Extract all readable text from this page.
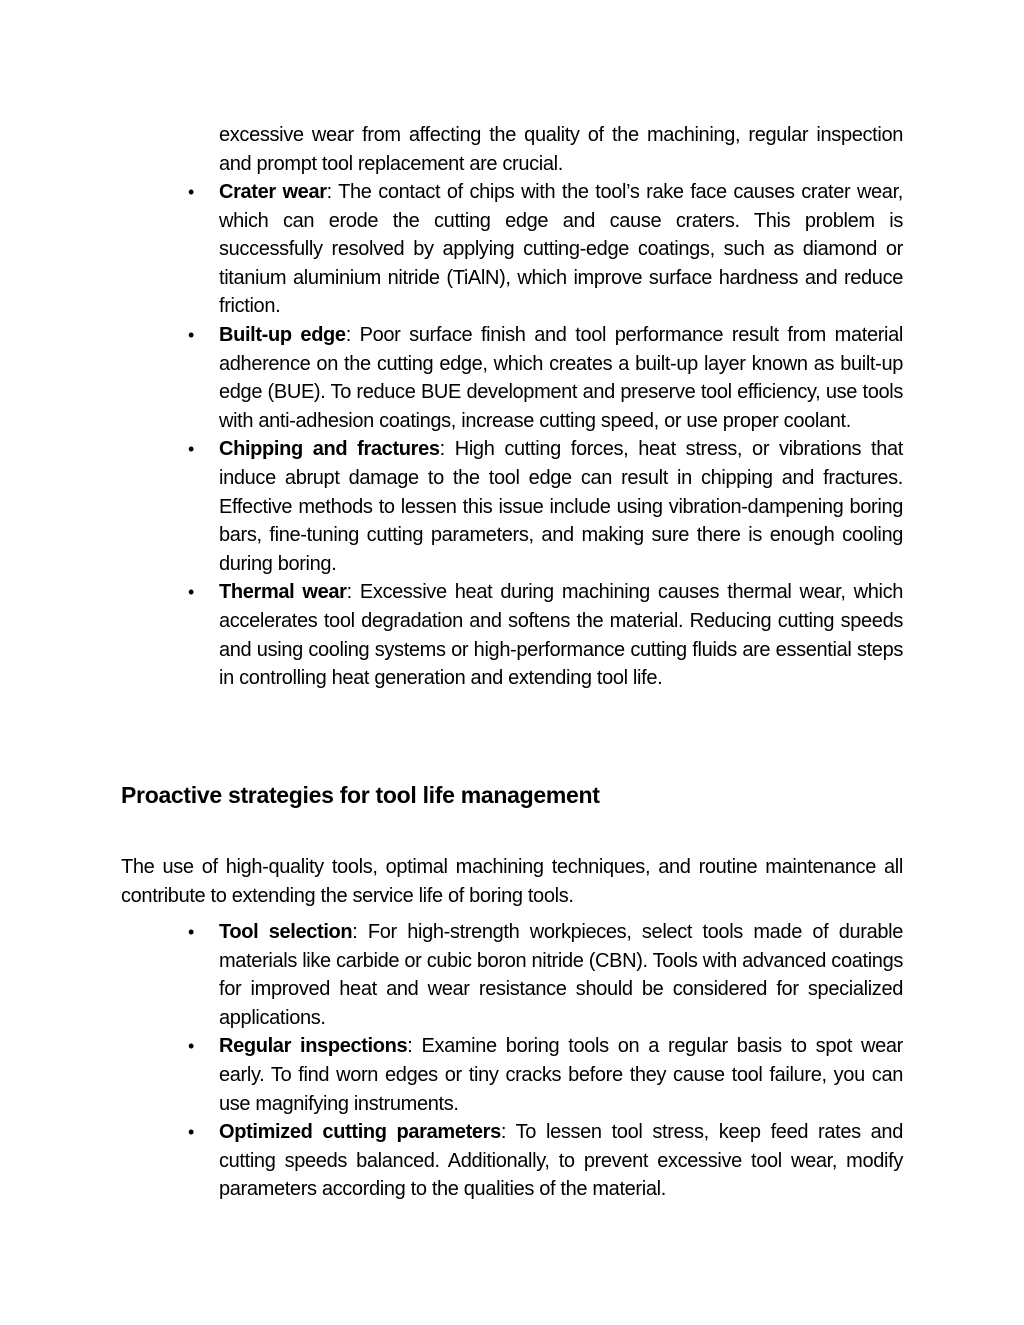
excessive wear from affecting the quality of the machining, regular inspection and prompt tool replacement are crucial.

• Crater wear: The contact of chips with the tool’s rake face causes crater wear, which can erode the cutting edge and cause craters. This problem is successfully resolved by applying cutting-edge coatings, such as diamond or titanium aluminium nitride (TiAlN), which improve surface hardness and reduce friction.
• Built-up edge: Poor surface finish and tool performance result from material adherence on the cutting edge, which creates a built-up layer known as built-up edge (BUE). To reduce BUE development and preserve tool efficiency, use tools with anti-adhesion coatings, increase cutting speed, or use proper coolant.
• Chipping and fractures: High cutting forces, heat stress, or vibrations that induce abrupt damage to the tool edge can result in chipping and fractures. Effective methods to lessen this issue include using vibration-dampening boring bars, fine-tuning cutting parameters, and making sure there is enough cooling during boring.
• Thermal wear: Excessive heat during machining causes thermal wear, which accelerates tool degradation and softens the material. Reducing cutting speeds and using cooling systems or high-performance cutting fluids are essential steps in controlling heat generation and extending tool life.
Proactive strategies for tool life management

The use of high-quality tools, optimal machining techniques, and routine maintenance all contribute to extending the service life of boring tools.

• Tool selection: For high-strength workpieces, select tools made of durable materials like carbide or cubic boron nitride (CBN). Tools with advanced coatings for improved heat and wear resistance should be considered for specialized applications.
• Regular inspections: Examine boring tools on a regular basis to spot wear early. To find worn edges or tiny cracks before they cause tool failure, you can use magnifying instruments.
• Optimized cutting parameters: To lessen tool stress, keep feed rates and cutting speeds balanced. Additionally, to prevent excessive tool wear, modify parameters according to the qualities of the material.
